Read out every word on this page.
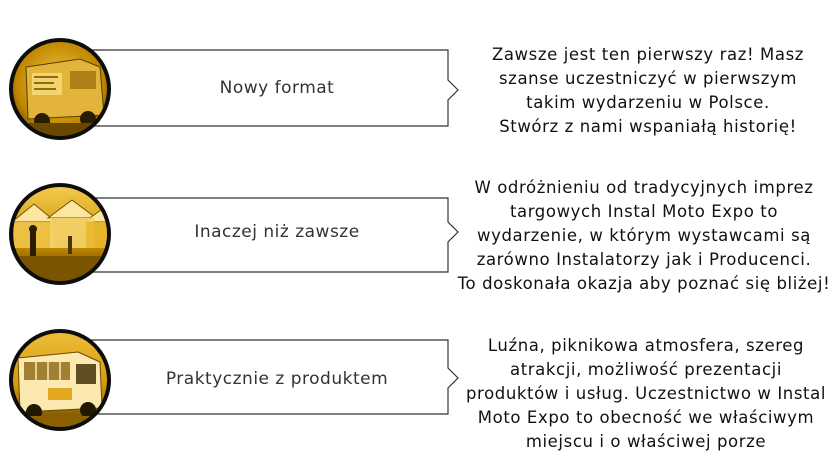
Nowy format
Zawsze jest ten pierwszy raz! Masz
szanse uczestniczyć w pierwszym
takim wydarzeniu w Polsce.
Stwórz z nami wspaniałą historię!
Inaczej niż zawsze
W odróżnieniu od tradycyjnych imprez
targowych Instal Moto Expo to
wydarzenie, w którym wystawcami są
zarówno Instalatorzy jak i Producenci.
To doskonała okazja aby poznać się bliżej!
Praktycznie z produktem
Luźna, piknikowa atmosfera, szereg
atrakcji, możliwość prezentacji
produktów i usług. Uczestnictwo w Instal
Moto Expo to obecność we właściwym
miejscu i o właściwej porze
